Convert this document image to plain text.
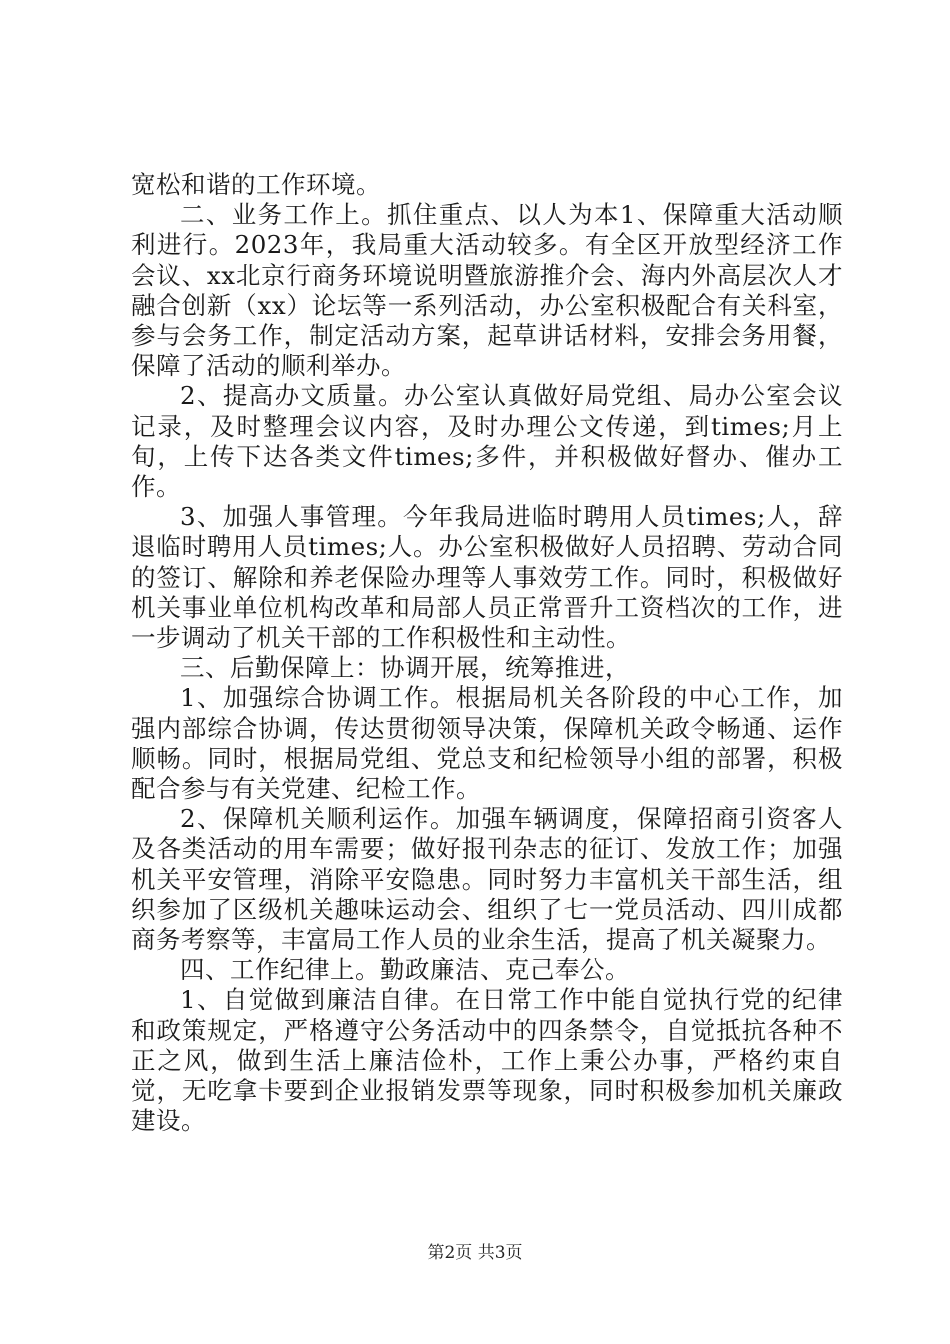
宽松和谐的工作环境。

二、业务工作上。抓住重点、以人为本1、保障重大活动顺利进行。2023年，我局重大活动较多。有全区开放型经济工作会议、xx北京行商务环境说明暨旅游推介会、海内外高层次人才融合创新（xx）论坛等一系列活动，办公室积极配合有关科室，参与会务工作，制定活动方案，起草讲话材料，安排会务用餐，保障了活动的顺利举办。

2、提高办文质量。办公室认真做好局党组、局办公室会议记录，及时整理会议内容，及时办理公文传递，到times;月上旬，上传下达各类文件times;多件，并积极做好督办、催办工作。

3、加强人事管理。今年我局进临时聘用人员times;人，辞退临时聘用人员times;人。办公室积极做好人员招聘、劳动合同的签订、解除和养老保险办理等人事效劳工作。同时，积极做好机关事业单位机构改革和局部人员正常晋升工资档次的工作，进一步调动了机关干部的工作积极性和主动性。

三、后勤保障上：协调开展，统筹推进，

1、加强综合协调工作。根据局机关各阶段的中心工作，加强内部综合协调，传达贯彻领导决策，保障机关政令畅通、运作顺畅。同时，根据局党组、党总支和纪检领导小组的部署，积极配合参与有关党建、纪检工作。

2、保障机关顺利运作。加强车辆调度，保障招商引资客人及各类活动的用车需要；做好报刊杂志的征订、发放工作；加强机关平安管理，消除平安隐患。同时努力丰富机关干部生活，组织参加了区级机关趣味运动会、组织了七一党员活动、四川成都商务考察等，丰富局工作人员的业余生活，提高了机关凝聚力。

四、工作纪律上。勤政廉洁、克己奉公。

1、自觉做到廉洁自律。在日常工作中能自觉执行党的纪律和政策规定，严格遵守公务活动中的四条禁令，自觉抵抗各种不正之风，做到生活上廉洁俭朴，工作上秉公办事，严格约束自觉，无吃拿卡要到企业报销发票等现象，同时积极参加机关廉政建设。

第2页 共3页
